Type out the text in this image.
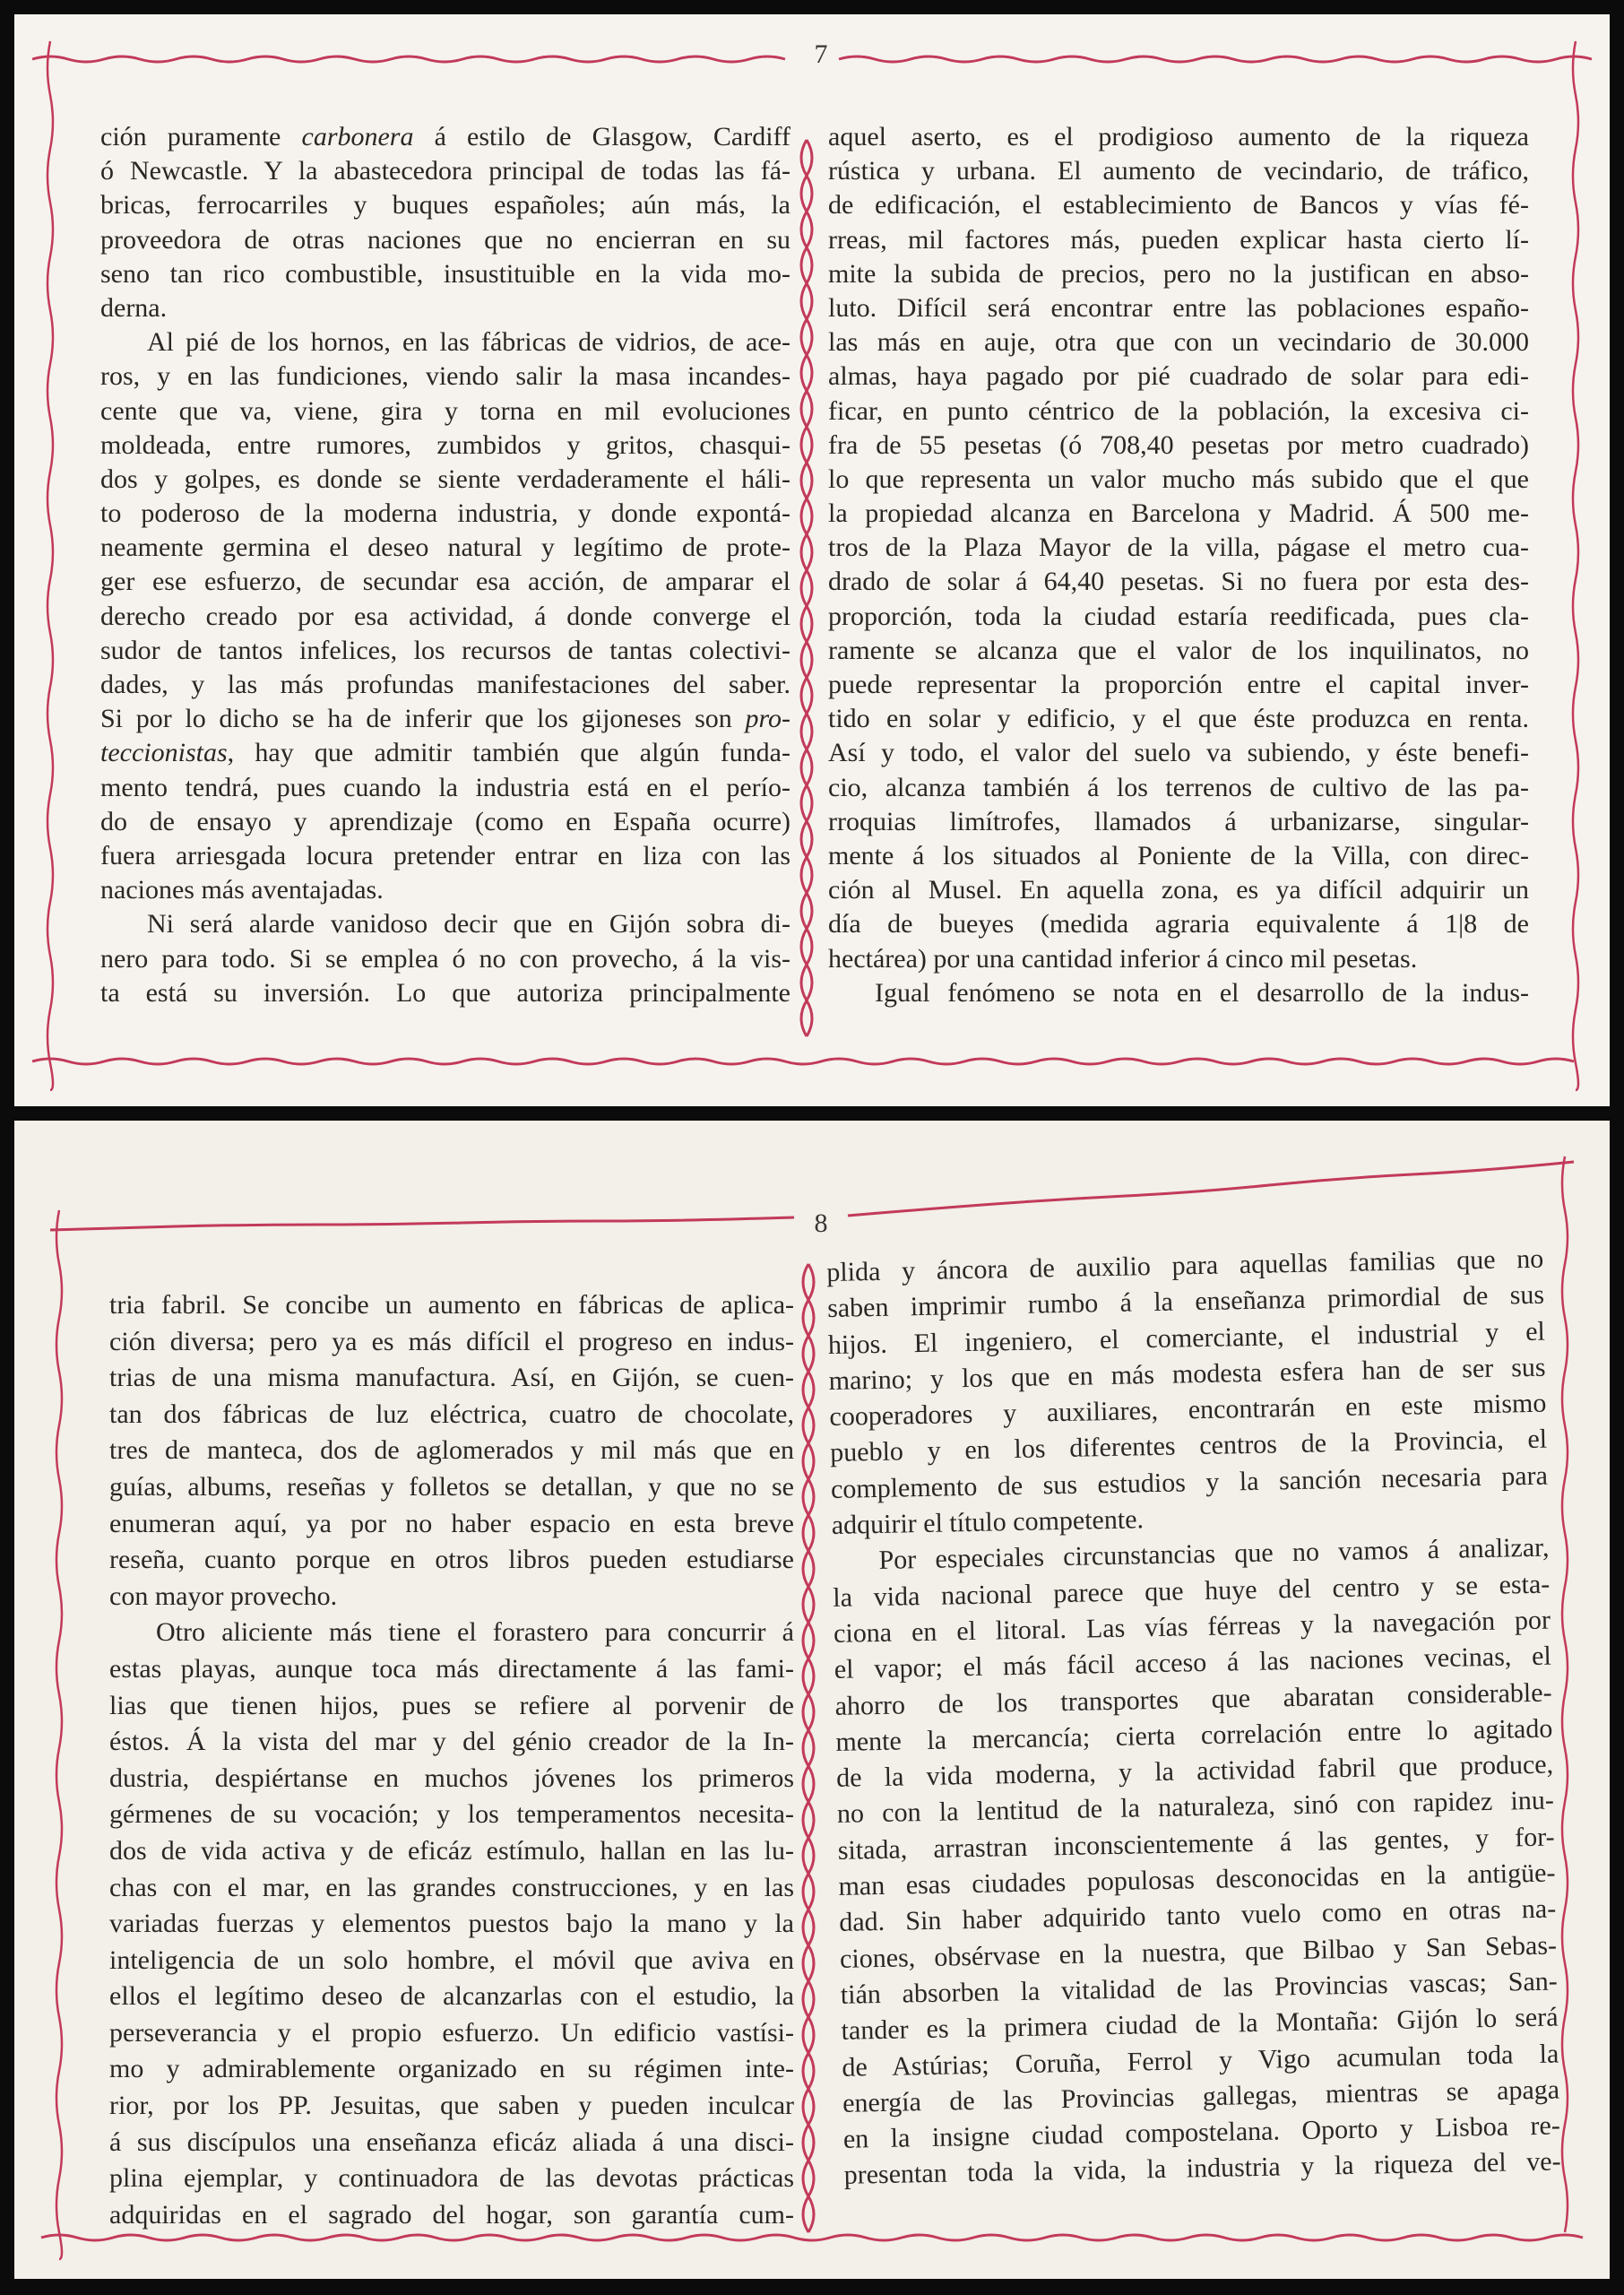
7
ción puramente carbonera á estilo de Glasgow, Cardiff
ó Newcastle. Y la abastecedora principal de todas las fá-
bricas, ferrocarriles y buques españoles; aún más, la
proveedora de otras naciones que no encierran en su
seno tan rico combustible, insustituible en la vida mo-
derna.
Al pié de los hornos, en las fábricas de vidrios, de ace-
ros, y en las fundiciones, viendo salir la masa incandes-
cente que va, viene, gira y torna en mil evoluciones
moldeada, entre rumores, zumbidos y gritos, chasqui-
dos y golpes, es donde se siente verdaderamente el háli-
to poderoso de la moderna industria, y donde expontá-
neamente germina el deseo natural y legítimo de prote-
ger ese esfuerzo, de secundar esa acción, de amparar el
derecho creado por esa actividad, á donde converge el
sudor de tantos infelices, los recursos de tantas colectivi-
dades, y las más profundas manifestaciones del saber.
Si por lo dicho se ha de inferir que los gijoneses son pro-
teccionistas, hay que admitir también que algún funda-
mento tendrá, pues cuando la industria está en el perío-
do de ensayo y aprendizaje (como en España ocurre)
fuera arriesgada locura pretender entrar en liza con las
naciones más aventajadas.
Ni será alarde vanidoso decir que en Gijón sobra di-
nero para todo. Si se emplea ó no con provecho, á la vis-
ta está su inversión. Lo que autoriza principalmente
aquel aserto, es el prodigioso aumento de la riqueza
rústica y urbana. El aumento de vecindario, de tráfico,
de edificación, el establecimiento de Bancos y vías fé-
rreas, mil factores más, pueden explicar hasta cierto lí-
mite la subida de precios, pero no la justifican en abso-
luto. Difícil será encontrar entre las poblaciones españo-
las más en auje, otra que con un vecindario de 30.000
almas, haya pagado por pié cuadrado de solar para edi-
ficar, en punto céntrico de la población, la excesiva ci-
fra de 55 pesetas (ó 708,40 pesetas por metro cuadrado)
lo que representa un valor mucho más subido que el que
la propiedad alcanza en Barcelona y Madrid. Á 500 me-
tros de la Plaza Mayor de la villa, págase el metro cua-
drado de solar á 64,40 pesetas. Si no fuera por esta des-
proporción, toda la ciudad estaría reedificada, pues cla-
ramente se alcanza que el valor de los inquilinatos, no
puede representar la proporción entre el capital inver-
tido en solar y edificio, y el que éste produzca en renta.
Así y todo, el valor del suelo va subiendo, y éste benefi-
cio, alcanza también á los terrenos de cultivo de las pa-
rroquias limítrofes, llamados á urbanizarse, singular-
mente á los situados al Poniente de la Villa, con direc-
ción al Musel. En aquella zona, es ya difícil adquirir un
día de bueyes (medida agraria equivalente á 1|8 de
hectárea) por una cantidad inferior á cinco mil pesetas.
Igual fenómeno se nota en el desarrollo de la indus-
8
tria fabril. Se concibe un aumento en fábricas de aplica-
ción diversa; pero ya es más difícil el progreso en indus-
trias de una misma manufactura. Así, en Gijón, se cuen-
tan dos fábricas de luz eléctrica, cuatro de chocolate,
tres de manteca, dos de aglomerados y mil más que en
guías, albums, reseñas y folletos se detallan, y que no se
enumeran aquí, ya por no haber espacio en esta breve
reseña, cuanto porque en otros libros pueden estudiarse
con mayor provecho.
Otro aliciente más tiene el forastero para concurrir á
estas playas, aunque toca más directamente á las fami-
lias que tienen hijos, pues se refiere al porvenir de
éstos. Á la vista del mar y del génio creador de la In-
dustria, despiértanse en muchos jóvenes los primeros
gérmenes de su vocación; y los temperamentos necesita-
dos de vida activa y de eficáz estímulo, hallan en las lu-
chas con el mar, en las grandes construcciones, y en las
variadas fuerzas y elementos puestos bajo la mano y la
inteligencia de un solo hombre, el móvil que aviva en
ellos el legítimo deseo de alcanzarlas con el estudio, la
perseverancia y el propio esfuerzo. Un edificio vastísi-
mo y admirablemente organizado en su régimen inte-
rior, por los PP. Jesuitas, que saben y pueden inculcar
á sus discípulos una enseñanza eficáz aliada á una disci-
plina ejemplar, y continuadora de las devotas prácticas
adquiridas en el sagrado del hogar, son garantía cum-
plida y áncora de auxilio para aquellas familias que no
saben imprimir rumbo á la enseñanza primordial de sus
hijos. El ingeniero, el comerciante, el industrial y el
marino; y los que en más modesta esfera han de ser sus
cooperadores y auxiliares, encontrarán en este mismo
pueblo y en los diferentes centros de la Provincia, el
complemento de sus estudios y la sanción necesaria para
adquirir el título competente.
Por especiales circunstancias que no vamos á analizar,
la vida nacional parece que huye del centro y se esta-
ciona en el litoral. Las vías férreas y la navegación por
el vapor; el más fácil acceso á las naciones vecinas, el
ahorro de los transportes que abaratan considerable-
mente la mercancía; cierta correlación entre lo agitado
de la vida moderna, y la actividad fabril que produce,
no con la lentitud de la naturaleza, sinó con rapidez inu-
sitada, arrastran inconscientemente á las gentes, y for-
man esas ciudades populosas desconocidas en la antigüe-
dad. Sin haber adquirido tanto vuelo como en otras na-
ciones, obsérvase en la nuestra, que Bilbao y San Sebas-
tián absorben la vitalidad de las Provincias vascas; San-
tander es la primera ciudad de la Montaña: Gijón lo será
de Astúrias; Coruña, Ferrol y Vigo acumulan toda la
energía de las Provincias gallegas, mientras se apaga
en la insigne ciudad compostelana. Oporto y Lisboa re-
presentan toda la vida, la industria y la riqueza del ve-
